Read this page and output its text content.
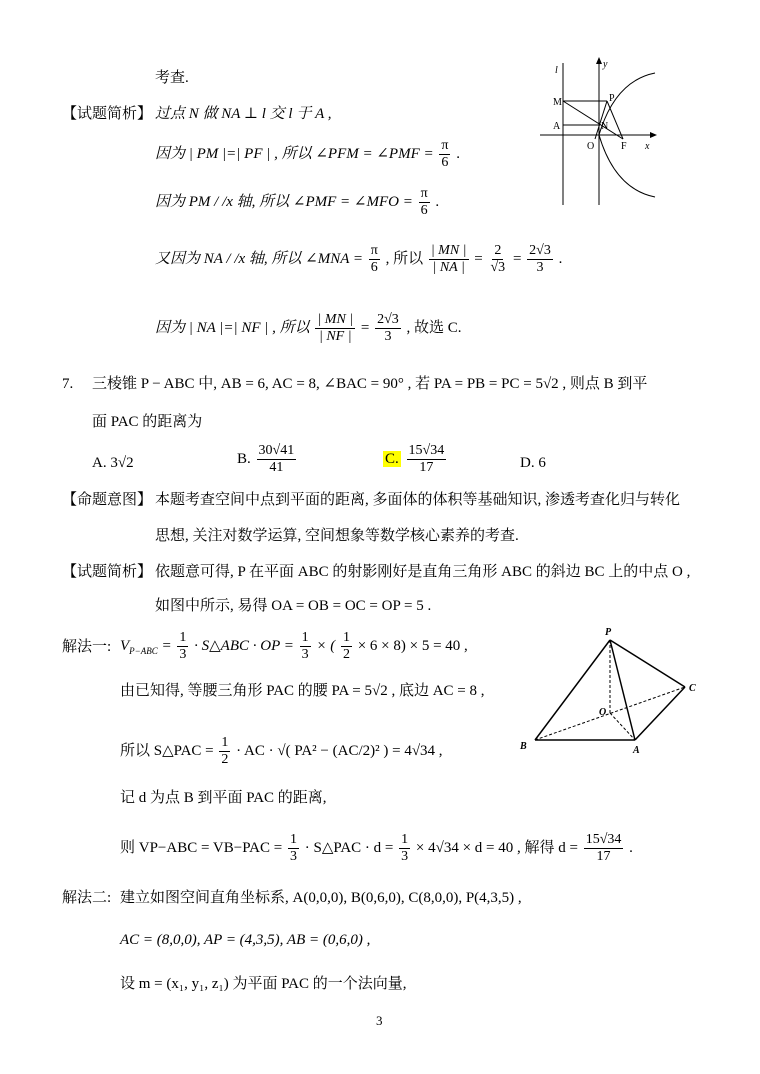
考查.
【试题简析】 过点 N 做 NA ⊥ l 交 l 于 A ,
因为 | PM |=| PF | , 所以 ∠PFM = ∠PMF = $\frac{\pi}{6}$ .
因为 PM / /x 轴, 所以 ∠PMF = ∠MFO = $\frac{\pi}{6}$ .
又因为 NA / /x 轴, 所以 ∠MNA = $\frac{\pi}{6}$ , 所以 $\frac{| MN |}{| NA |} = \frac{2}{√3} = \frac{2√3}{3}$ .
因为 | NA |=| NF | , 所以 $\frac{| MN |}{| NF |} = \frac{2√3}{3}$ , 故选 C.
l
y
M	P
A	N
O	F x
7. 三棱锥 P − ABC 中, AB = 6, AC = 8, ∠BAC = 90° , 若 PA = PB = PC = 5√2 , 则点 B 到平
面 PAC 的距离为
A. 3√2	B. $\frac{30√41}{41}$	C. $\frac{15√34}{17}$	D. 6
【命题意图】 本题考查空间中点到平面的距离, 多面体的体积等基础知识, 渗透考查化归与转化
思想, 关注对数学运算, 空间想象等数学核心素养的考查.
【试题简析】 依题意可得, P 在平面 ABC 的射影刚好是直角三角形 ABC 的斜边 BC 上的中点 O ,
如图中所示, 易得 OA = OB = OC = OP = 5 .
解法一: $V_{P-ABC} = \frac{1}{3}$ · S△ABC · OP = $\frac{1}{3}$ × ( $\frac{1}{2} \times 6 \times 8) \times 5 = 40$ ,
由已知得, 等腰三角形 PAC 的腰 PA = 5√2 , 底边 AC = 8 ,
所以 S△PAC = $\frac{1}{2}$ · AC · √( PA² − (AC/2)² ) = 4√34 ,
记 d 为点 B 到平面 PAC 的距离,
则 $VP-ABC = VB-PAC = \frac{1}{3}$ · S△PAC · $d = \frac{1}{3} \times 4√34 \times d = 40$ , 解得 $d = \frac{15√34}{17}$ .
P
C
O
B	A
解法二: 建立如图空间直角坐标系, A(0,0,0), B(0,6,0), C(8,0,0), P(4,3,5) ,
AC = (8,0,0), AP = (4,3,5), AB = (0,6,0) ,
设 m = (x₁, y₁, z₁) 为平面 PAC 的一个法向量,
3
